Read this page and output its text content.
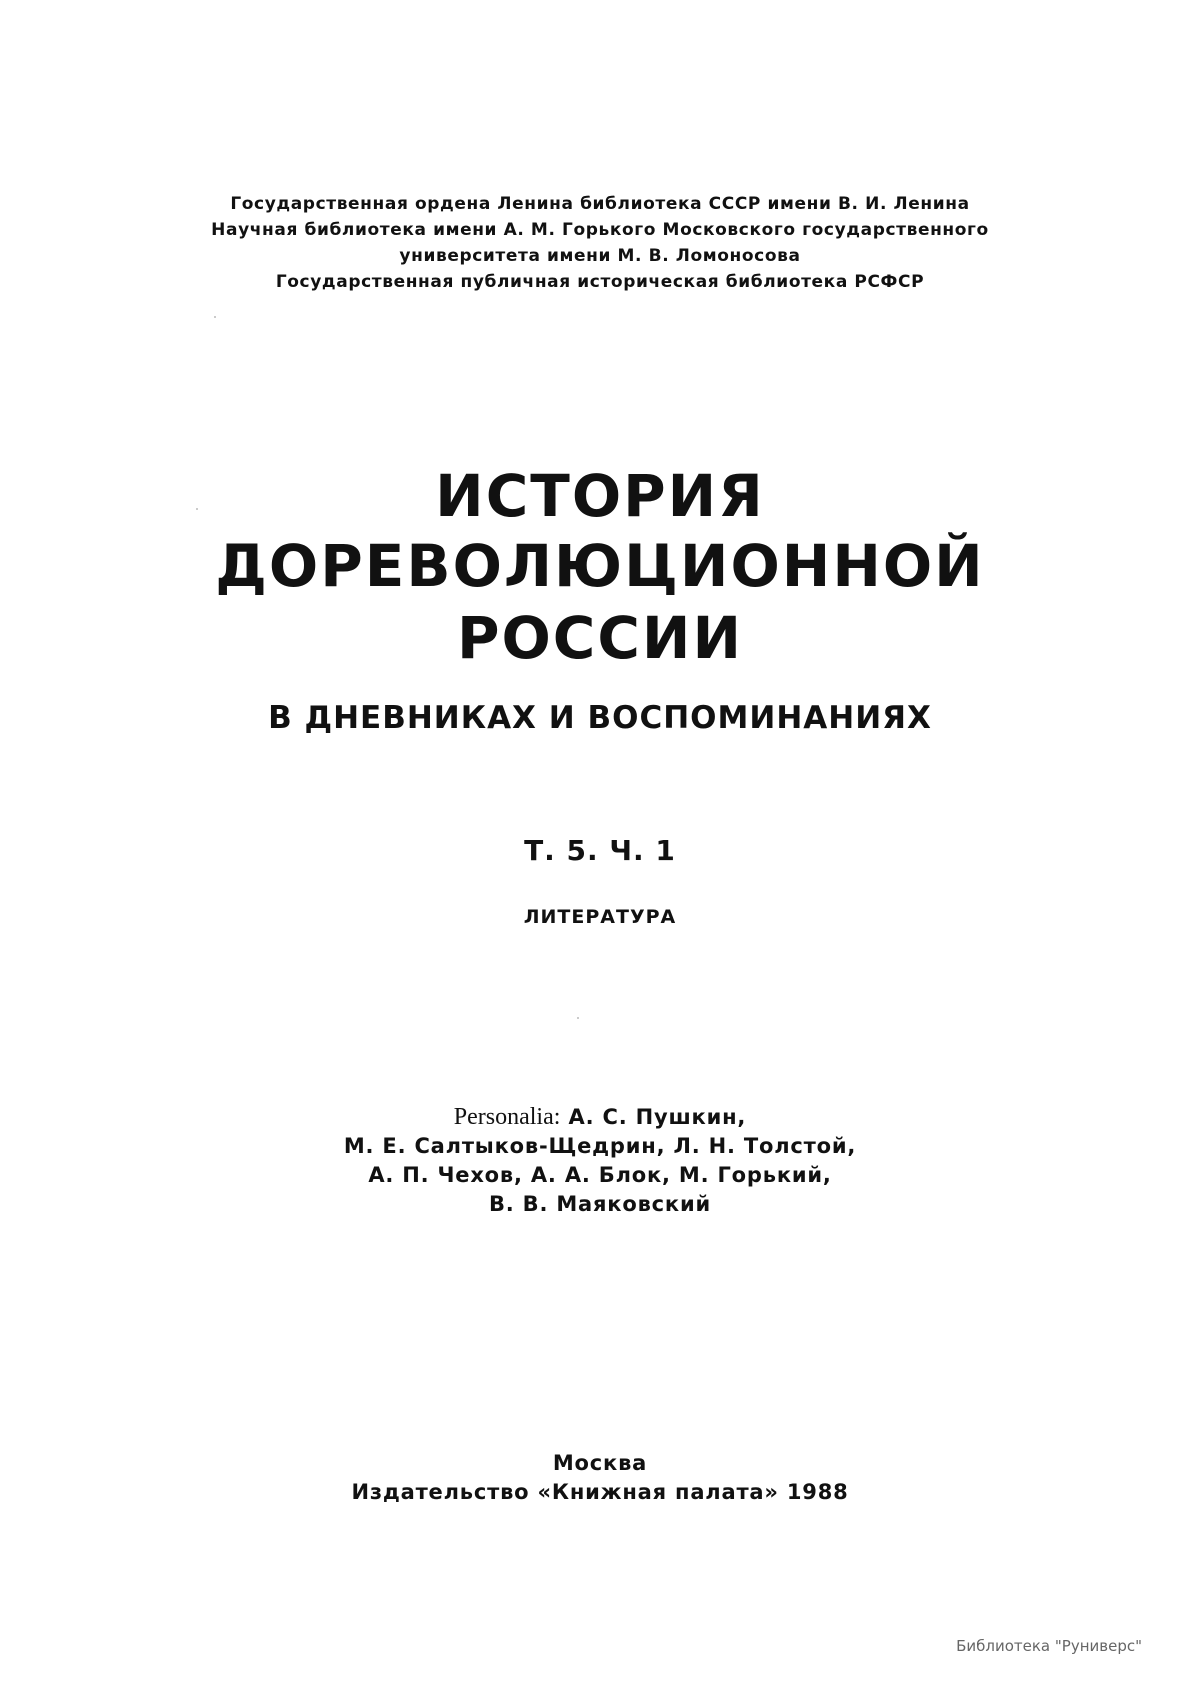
Государственная ордена Ленина библиотека СССР имени В. И. Ленина
Научная библиотека имени А. М. Горького Московского государственного
университета имени М. В. Ломоносова
Государственная публичная историческая библиотека РСФСР
ИСТОРИЯ
ДОРЕВОЛЮЦИОННОЙ
РОССИИ
В ДНЕВНИКАХ И ВОСПОМИНАНИЯХ
Т. 5. Ч. 1
ЛИТЕРАТУРА
Personalia: А. С. Пушкин,
М. Е. Салтыков-Щедрин, Л. Н. Толстой,
А. П. Чехов, А. А. Блок, М. Горький,
В. В. Маяковский
Москва
Издательство «Книжная палата» 1988
Библиотека "Руниверс"
